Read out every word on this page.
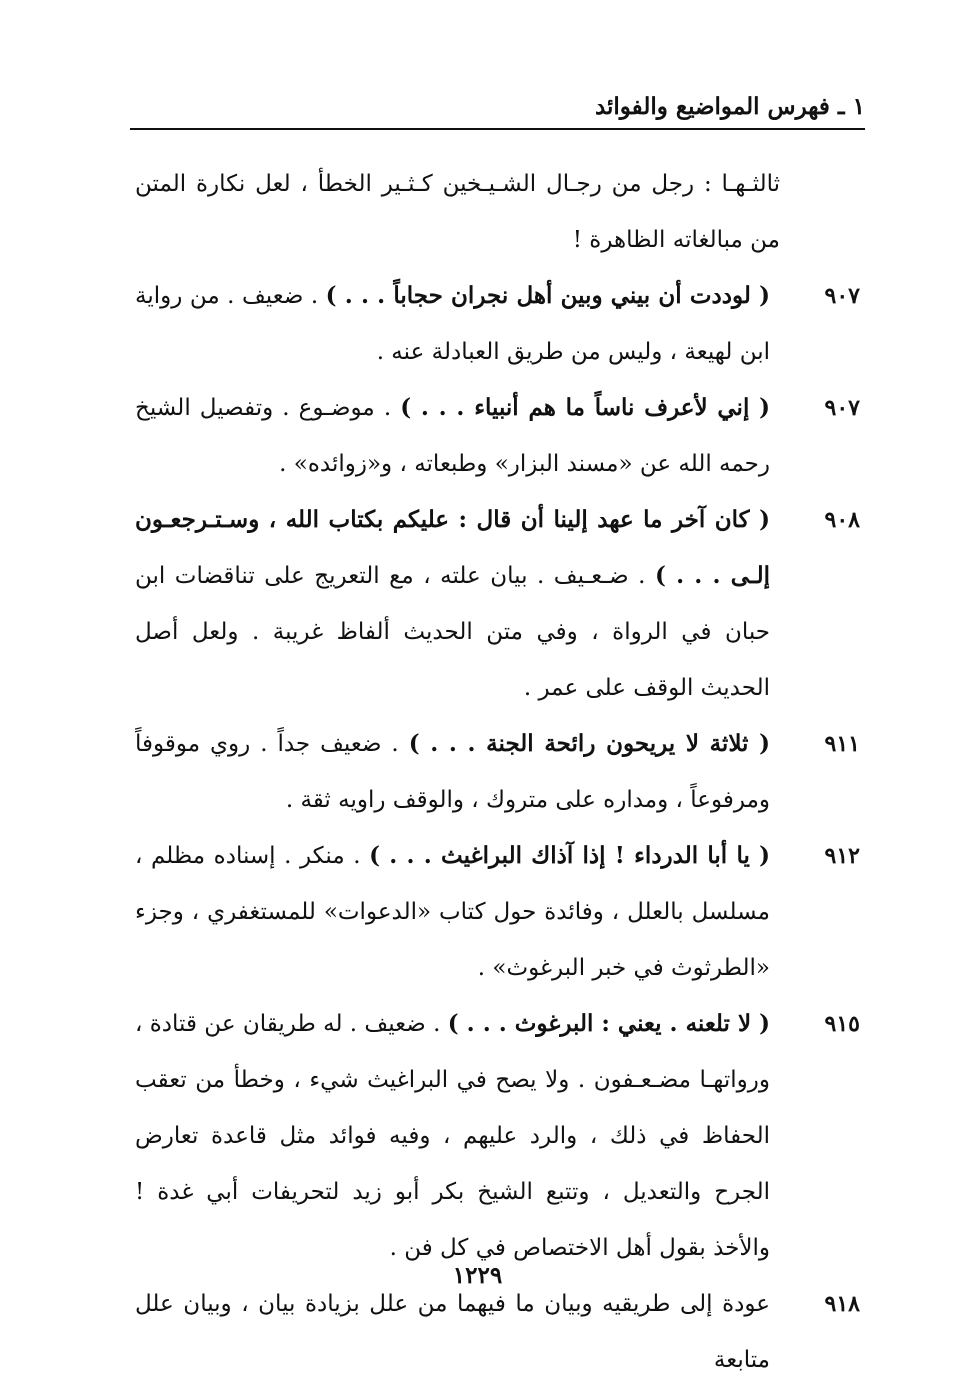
١ ـ فهرس المواضيع والفوائد
ثالثـهـا : رجل من رجـال الشـيـخين كـثـير الخطأ ، لعل نكارة المتن من مبالغاته الظاهرة !
٩٠٧
( لوددت أن بيني وبين أهل نجران حجاباً . . . ) . ضعيف . من رواية ابن لهيعة ، وليس من طريق العبادلة عنه .
٩٠٧
( إني لأعرف ناساً ما هم أنبياء . . . ) . موضـوع . وتفصيل الشيخ رحمه الله عن «مسند البزار» وطبعاته ، و«زوائده» .
٩٠٨
( كان آخر ما عهد إلينا أن قال : عليكم بكتاب الله ، وسـتـرجعـون إلـى . . . ) . ضـعـيف . بيان علته ، مع التعريج على تناقضات ابن حبان في الرواة ، وفي متن الحديث ألفاظ غريبة . ولعل أصل الحديث الوقف على عمر .
٩١١
( ثلاثة لا يريحون رائحة الجنة . . . ) . ضعيف جداً . روي موقوفاً ومرفوعاً ، ومداره على متروك ، والوقف راويه ثقة .
٩١٢
( يا أبا الدرداء ! إذا آذاك البراغيث . . . ) . منكر . إسناده مظلم ، مسلسل بالعلل ، وفائدة حول كتاب «الدعوات» للمستغفري ، وجزء «الطرثوث في خبر البرغوث» .
٩١٥
( لا تلعنه . يعني : البرغوث . . . ) . ضعيف . له طريقان عن قتادة ، ورواتهـا مضـعـفون . ولا يصح في البراغيث شيء ، وخطأ من تعقب الحفاظ في ذلك ، والرد عليهم ، وفيه فوائد مثل قاعدة تعارض الجرح والتعديل ، وتتبع الشيخ بكر أبو زيد لتحريفات أبي غدة ! والأخذ بقول أهل الاختصاص في كل فن .
٩١٨
عودة إلى طريقيه وبيان ما فيهما من علل بزيادة بيان ، وبيان علل متابعة
١٢٢٩
